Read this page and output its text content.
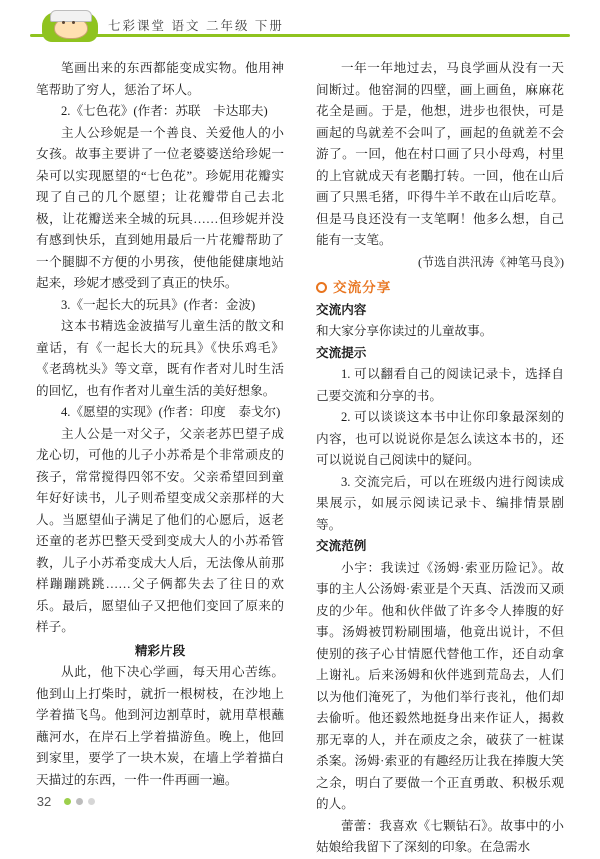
七彩课堂 语文 二年级 下册

笔画出来的东西都能变成实物。他用神笔帮助了穷人，惩治了坏人。

2.《七色花》(作者：苏联　卡达耶夫)

主人公珍妮是一个善良、关爱他人的小女孩。故事主要讲了一位老婆婆送给珍妮一朵可以实现愿望的“七色花”。珍妮用花瓣实现了自己的几个愿望；让花瓣带自己去北极，让花瓣送来全城的玩具……但珍妮并没有感到快乐，直到她用最后一片花瓣帮助了一个腿脚不方便的小男孩，使他能健康地站起来，珍妮才感受到了真正的快乐。

3.《一起长大的玩具》(作者：金波)

这本书精选金波描写儿童生活的散文和童话，有《一起长大的玩具》《快乐鸡毛》《老鸹枕头》等文章，既有作者对儿时生活的回忆，也有作者对儿童生活的美好想象。

4.《愿望的实现》(作者：印度　泰戈尔)

主人公是一对父子，父亲老苏巴望子成龙心切，可他的儿子小苏希是个非常顽皮的孩子，常常搅得四邻不安。父亲希望回到童年好好读书，儿子则希望变成父亲那样的大人。当愿望仙子满足了他们的心愿后，返老还童的老苏巴整天受到变成大人的小苏希管教，儿子小苏希变成大人后，无法像从前那样蹦蹦跳跳……父子俩都失去了往日的欢乐。最后，愿望仙子又把他们变回了原来的样子。

精彩片段

从此，他下决心学画，每天用心苦练。他到山上打柴时，就折一根树枝，在沙地上学着描飞鸟。他到河边割草时，就用草根蘸蘸河水，在岸石上学着描游鱼。晚上，他回到家里，要学了一块木炭，在墙上学着描白天描过的东西，一件一件再画一遍。

一年一年地过去，马良学画从没有一天间断过。他窑洞的四壁，画上画鱼，麻麻花花全是画。于是，他想，进步也很快，可是画起的鸟就差不会叫了，画起的鱼就差不会游了。一回，他在村口画了只小母鸡，村里的上官就成天有老鷳打转。一回，他在山后画了只黑毛猪，吓得牛羊不敢在山后吃草。但是马良还没有一支笔啊！他多么想，自己能有一支笔。

(节选自洪汛涛《神笔马良》)

交流分享

交流内容

和大家分享你读过的儿童故事。

交流提示

1. 可以翻看自己的阅读记录卡，选择自己要交流和分享的书。

2. 可以谈谈这本书中让你印象最深刻的内容，也可以说说你是怎么读这本书的，还可以说说自己阅读中的疑问。

3. 交流完后，可以在班级内进行阅读成果展示，如展示阅读记录卡、编排情景剧等。

交流范例

小宇：我读过《汤姆·索亚历险记》。故事的主人公汤姆·索亚是个天真、活泼而又顽皮的少年。他和伙伴做了许多令人捧腹的好事。汤姆被罚粉刷围墙，他竟出说计，不但使别的孩子心甘情愿代替他工作，还自动拿上谢礼。后来汤姆和伙伴逃到荒岛去，人们以为他们淹死了，为他们举行丧礼，他们却去偷听。他还毅然地挺身出来作证人，揭救那无辜的人，并在顽皮之余，破获了一桩谋杀案。汤姆·索亚的有趣经历让我在捧腹大笑之余，明白了要做一个正直勇敢、积极乐观的人。

蕾蕾：我喜欢《七颗钻石》。故事中的小姑娘给我留下了深刻的印象。在急需水

32
